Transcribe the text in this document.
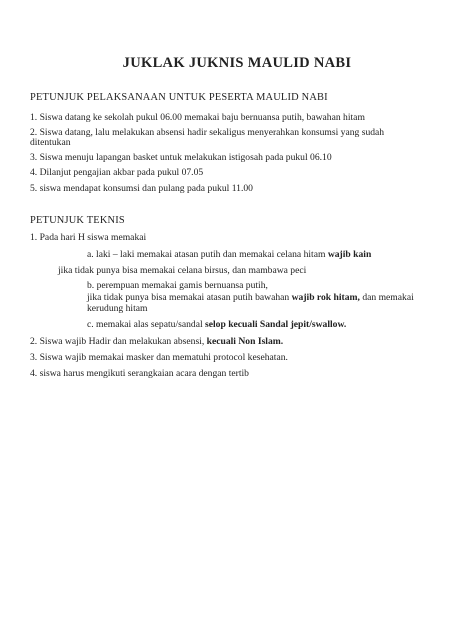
JUKLAK JUKNIS MAULID NABI
PETUNJUK PELAKSANAAN UNTUK PESERTA MAULID NABI
1. Siswa datang ke sekolah pukul 06.00 memakai baju bernuansa putih, bawahan hitam
2. Siswa datang, lalu melakukan absensi hadir sekaligus menyerahkan konsumsi yang sudah
ditentukan
3. Siswa menuju lapangan basket untuk melakukan istigosah pada pukul 06.10
4. Dilanjut pengajian akbar pada pukul 07.05
5. siswa mendapat konsumsi dan pulang pada pukul 11.00
PETUNJUK TEKNIS
1. Pada hari H siswa memakai
a. laki – laki memakai atasan putih dan memakai celana hitam wajib kain
jika tidak punya bisa memakai celana birsus, dan mambawa peci
b. perempuan memakai gamis bernuansa putih,
jika tidak punya bisa memakai atasan putih bawahan wajib rok hitam, dan memakai
kerudung hitam
c. memakai alas sepatu/sandal selop kecuali Sandal jepit/swallow.
2. Siswa wajib Hadir dan melakukan absensi, kecuali Non Islam.
3. Siswa wajib memakai masker dan mematuhi protocol kesehatan.
4. siswa harus mengikuti serangkaian acara dengan tertib
